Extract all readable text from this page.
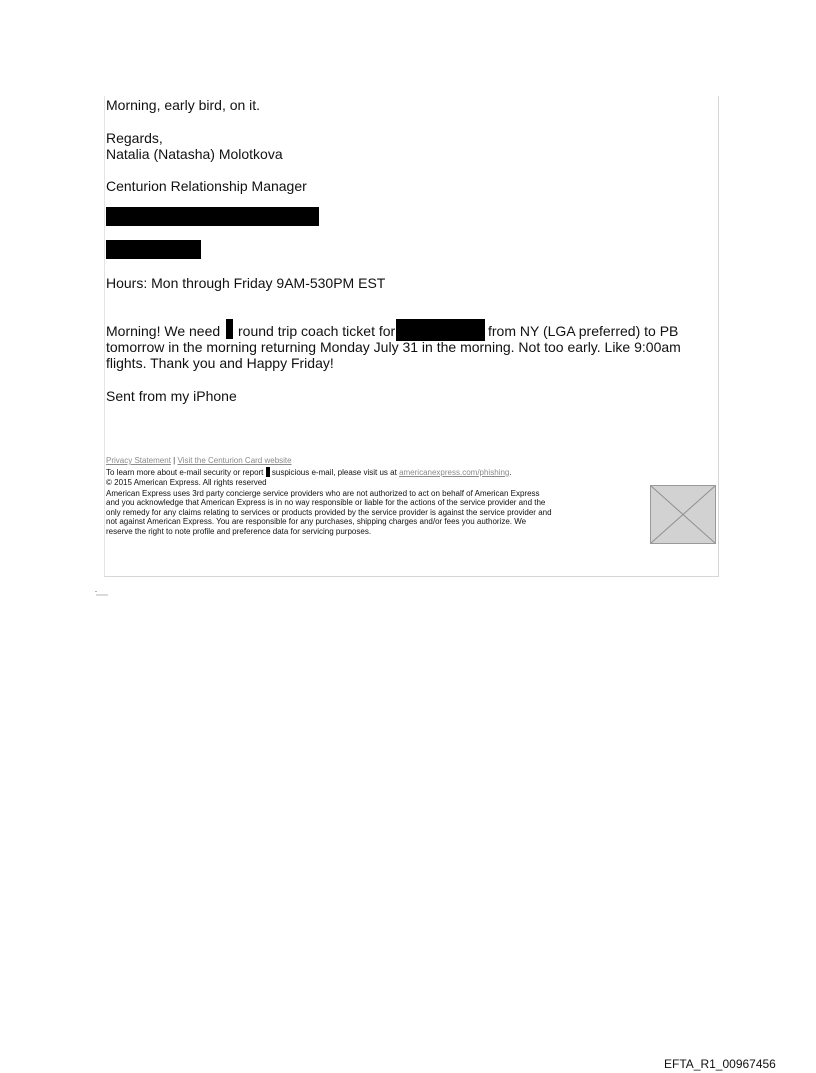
Morning, early bird, on it.
Regards,
Natalia (Natasha) Molotkova
Centurion Relationship Manager
Hours: Mon through Friday 9AM-530PM EST
Morning! We need round trip coach ticket for	from NY (LGA preferred) to PB
tomorrow in the morning returning Monday July 31 in the morning. Not too early. Like 9:00am
flights. Thank you and Happy Friday!
Sent from my iPhone
Privacy Statement | Visit the Centurion Card website
To learn more about e-mail security or report suspicious e-mail, please visit us at americanexpress.com/phishing.
© 2015 American Express. All rights reserved
American Express uses 3rd party concierge service providers who are not authorized to act on behalf of American Express
and you acknowledge that American Express is in no way responsible or liable for the actions of the service provider and the
only remedy for any claims relating to services or products provided by the service provider is against the service provider and
not against American Express. You are responsible for any purchases, shipping charges and/or fees you authorize. We
reserve the right to note profile and preference data for servicing purposes.
EFTA_R1_00967456
